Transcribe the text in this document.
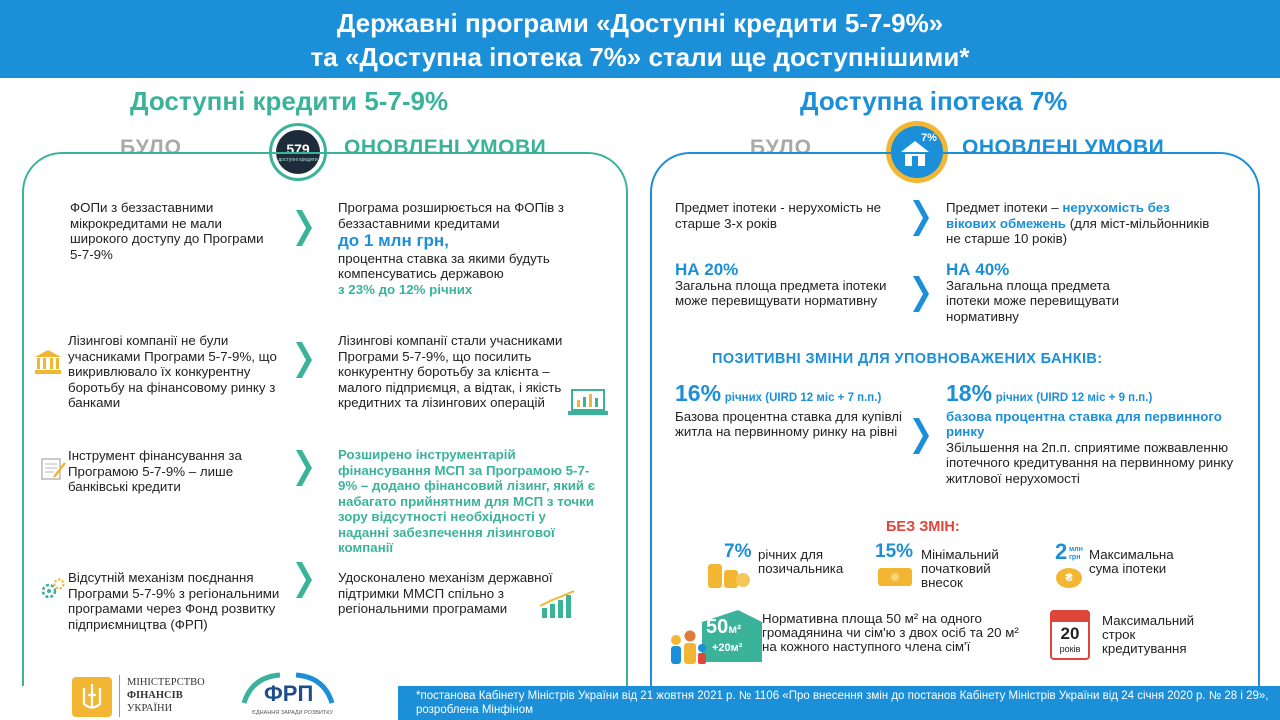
Державні програми «Доступні кредити 5-7-9%»
та «Доступна іпотека 7%» стали ще доступнішими*
Доступні кредити 5-7-9%
БУЛО	ОНОВЛЕНІ УМОВИ
579
доступні кредити
ФОПи з беззаставними мікрокредитами не мали широкого доступу до Програми 5-7-9%
Програма розширюється на ФОПів з беззаставними кредитами
до 1 млн грн,
процентна ставка за якими будуть компенсуватись державою
з 23% до 12% річних
Лізингові компанії не були учасниками Програми 5-7-9%, що викривлювало їх конкурентну боротьбу на фінансовому ринку з банками
Лізингові компанії стали учасниками Програми 5-7-9%, що посилить конкурентну боротьбу за клієнта – малого підприємця, а відтак, і якість кредитних та лізингових операцій
Інструмент фінансування за Програмою 5-7-9% – лише банківські кредити
Розширено інструментарій фінансування МСП за Програмою 5-7-9% – додано фінансовий лізинг, який є набагато прийнятним для МСП з точки зору відсутності необхідності у наданні забезпечення лізингової компанії
Відсутній механізм поєднання Програми 5-7-9% з регіональними програмами через Фонд розвитку підприємництва (ФРП)
Удосконалено механізм державної підтримки ММСП спільно з регіональними програмами
МІНІСТЕРСТВО
ФІНАНСІВ
УКРАЇНИ
ФРП
ЄДНАННЯ ЗАРАДИ РОЗВИТКУ
Доступна іпотека 7%
БУЛО	ОНОВЛЕНІ УМОВИ
7%
Предмет іпотеки - нерухомість не старше 3-х років
Предмет іпотеки – нерухомість без вікових обмежень (для міст-мільйонників не старше 10 років)
НА 20%
Загальна площа предмета іпотеки може перевищувати нормативну
НА 40%
Загальна площа предмета іпотеки може перевищувати нормативну
ПОЗИТИВНІ ЗМІНИ ДЛЯ УПОВНОВАЖЕНИХ БАНКІВ:
16% річних (UIRD 12 міс + 7 п.п.)
Базова процентна ставка для купівлі житла на первинному ринку на рівні
18% річних (UIRD 12 міс + 9 п.п.)
базова процентна ставка для первинного ринку
Збільшення на 2п.п. сприятиме пожвавленню іпотечного кредитування на первинному ринку житлової нерухомості
БЕЗ ЗМІН:
7% річних для позичальника
15% Мінімальний початковий внесок
2 млн
грн
₴
Максимальна сума іпотеки
50м²
+20м²
Нормативна площа 50 м² на одного громадянина чи сім'ю з двох осіб та 20 м² на кожного наступного члена сім'ї
20
років
Максимальний строк кредитування
*постанова Кабінету Міністрів України від 21 жовтня 2021 р. № 1106 «Про внесення змін до постанов Кабінету Міністрів України від 24 січня 2020 р. № 28 і 29», розроблена Мінфіном
